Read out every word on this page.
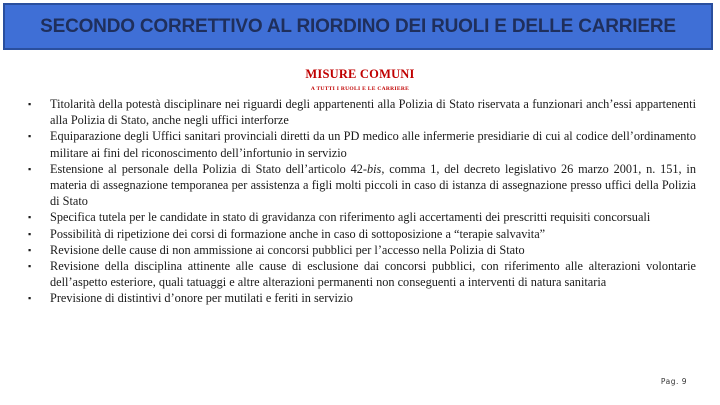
SECONDO CORRETTIVO AL RIORDINO DEI RUOLI E DELLE CARRIERE
MISURE COMUNI
A TUTTI I RUOLI E LE CARRIERE
▪	Titolarità della potestà disciplinare nei riguardi degli appartenenti alla Polizia di Stato riservata a funzionari anch’essi appartenenti alla Polizia di Stato, anche negli uffici interforze
▪	Equiparazione degli Uffici sanitari provinciali diretti da un PD medico alle infermerie presidiarie di cui al codice dell’ordinamento militare ai fini del riconoscimento dell’infortunio in servizio
▪	Estensione al personale della Polizia di Stato dell’articolo 42-bis, comma 1, del decreto legislativo 26 marzo 2001, n. 151, in materia di assegnazione temporanea per assistenza a figli molti piccoli in caso di istanza di assegnazione presso uffici della Polizia di Stato
▪	Specifica tutela per le candidate in stato di gravidanza con riferimento agli accertamenti dei prescritti requisiti concorsuali
▪	Possibilità di ripetizione dei corsi di formazione anche in caso di sottoposizione a “terapie salvavita”
▪	Revisione delle cause di non ammissione ai concorsi pubblici per l’accesso nella Polizia di Stato
▪	Revisione della disciplina attinente alle cause di esclusione dai concorsi pubblici, con riferimento alle alterazioni volontarie dell’aspetto esteriore, quali tatuaggi e altre alterazioni permanenti non conseguenti a interventi di natura sanitaria
▪	Previsione di distintivi d’onore per mutilati e feriti in servizio
Pag. 9
